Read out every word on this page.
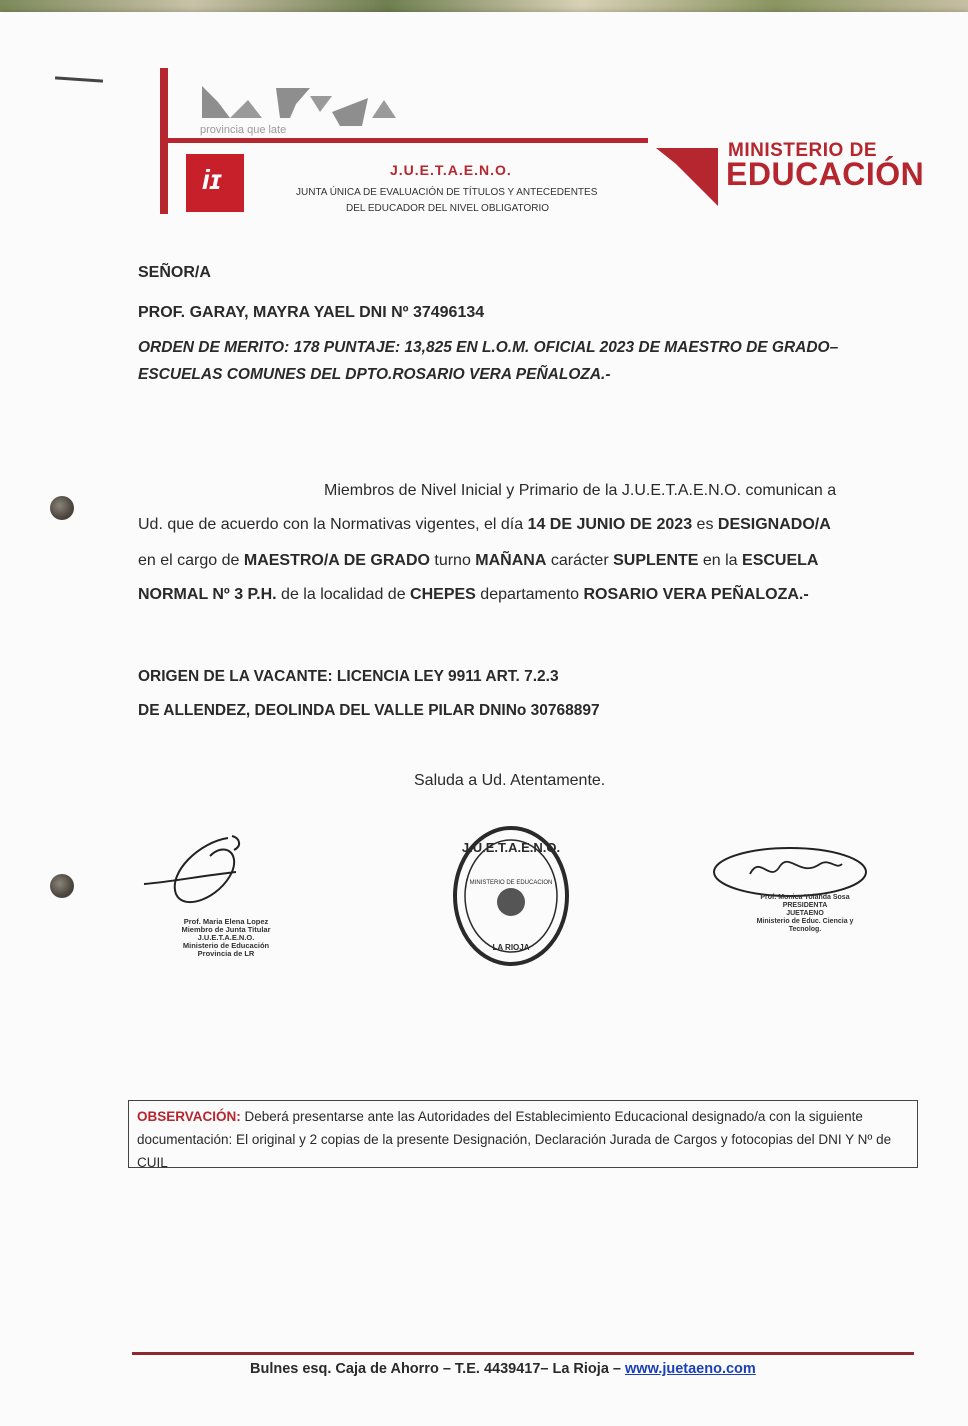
provincia que late
iɪ	J.U.E.T.A.E.N.O.
JUNTA ÚNICA DE EVALUACIÓN DE TÍTULOS Y ANTECEDENTES
DEL EDUCADOR DEL NIVEL OBLIGATORIO
MINISTERIO DE
EDUCACIÓN
SEÑOR/A
PROF. GARAY, MAYRA YAEL DNI Nº 37496134
ORDEN DE MERITO: 178 PUNTAJE: 13,825 EN L.O.M. OFICIAL 2023 DE MAESTRO DE GRADO–
ESCUELAS COMUNES DEL DPTO.ROSARIO VERA PEÑALOZA.-
Miembros de Nivel Inicial y Primario de la J.U.E.T.A.E.N.O. comunican a
Ud. que de acuerdo con la Normativas vigentes, el día 14 DE JUNIO DE 2023 es DESIGNADO/A
en el cargo de MAESTRO/A DE GRADO turno MAÑANA carácter SUPLENTE en la ESCUELA
NORMAL Nº 3 P.H. de la localidad de CHEPES departamento ROSARIO VERA PEÑALOZA.-
ORIGEN DE LA VACANTE: LICENCIA LEY 9911 ART. 7.2.3
DE ALLENDEZ, DEOLINDA DEL VALLE PILAR DNINo 30768897
Saluda a Ud. Atentamente.
Prof. Maria Elena Lopez
Miembro de Junta Titular
J.U.E.T.A.E.N.O.
Ministerio de Educación
Provincia de LR
J.U.E.T.A.E.N.O.
MINISTERIO DE EDUCACION
LA RIOJA
Prof. Monica Yolanda Sosa
PRESIDENTA
JUETAENO
Ministerio de Educ. Ciencia y Tecnolog.
OBSERVACIÓN: Deberá presentarse ante las Autoridades del Establecimiento Educacional designado/a con la siguiente documentación: El original y 2 copias de la presente Designación, Declaración Jurada de Cargos y fotocopias del DNI Y Nº de CUIL
Bulnes esq. Caja de Ahorro – T.E. 4439417– La Rioja – www.juetaeno.com
